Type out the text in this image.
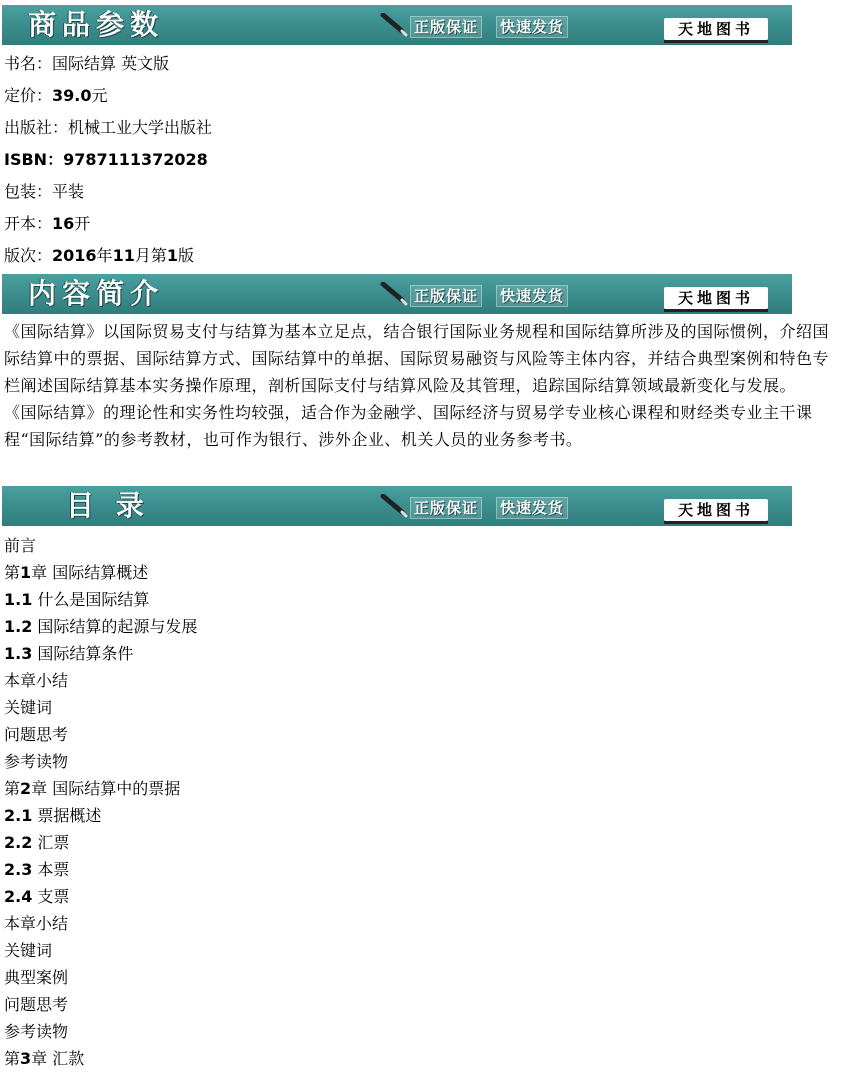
商品参数	正版保证 快速发货	天地图书
书名：国际结算 英文版
定价：39.0元
出版社：机械工业大学出版社
ISBN：9787111372028
包装：平装
开本：16开
版次：2016年11月第1版
内容简介	正版保证 快速发货	天地图书

《国际结算》以国际贸易支付与结算为基本立足点，结合银行国际业务规程和国际结算所涉及的国际惯例，介绍国际结算中的票据、国际结算方式、国际结算中的单据、国际贸易融资与风险等主体内容，并结合典型案例和特色专栏阐述国际结算基本实务操作原理，剖析国际支付与结算风险及其管理，追踪国际结算领域最新变化与发展。

《国际结算》的理论性和实务性均较强，适合作为金融学、国际经济与贸易学专业核心课程和财经类专业主干课程“国际结算”的参考教材，也可作为银行、涉外企业、机关人员的业务参考书。

目 录	正版保证 快速发货	天地图书
前言
第1章 国际结算概述
1.1 什么是国际结算
1.2 国际结算的起源与发展
1.3 国际结算条件
本章小结
关键词
问题思考
参考读物
第2章 国际结算中的票据
2.1 票据概述
2.2 汇票
2.3 本票
2.4 支票
本章小结
关键词
典型案例
问题思考
参考读物
第3章 汇款
